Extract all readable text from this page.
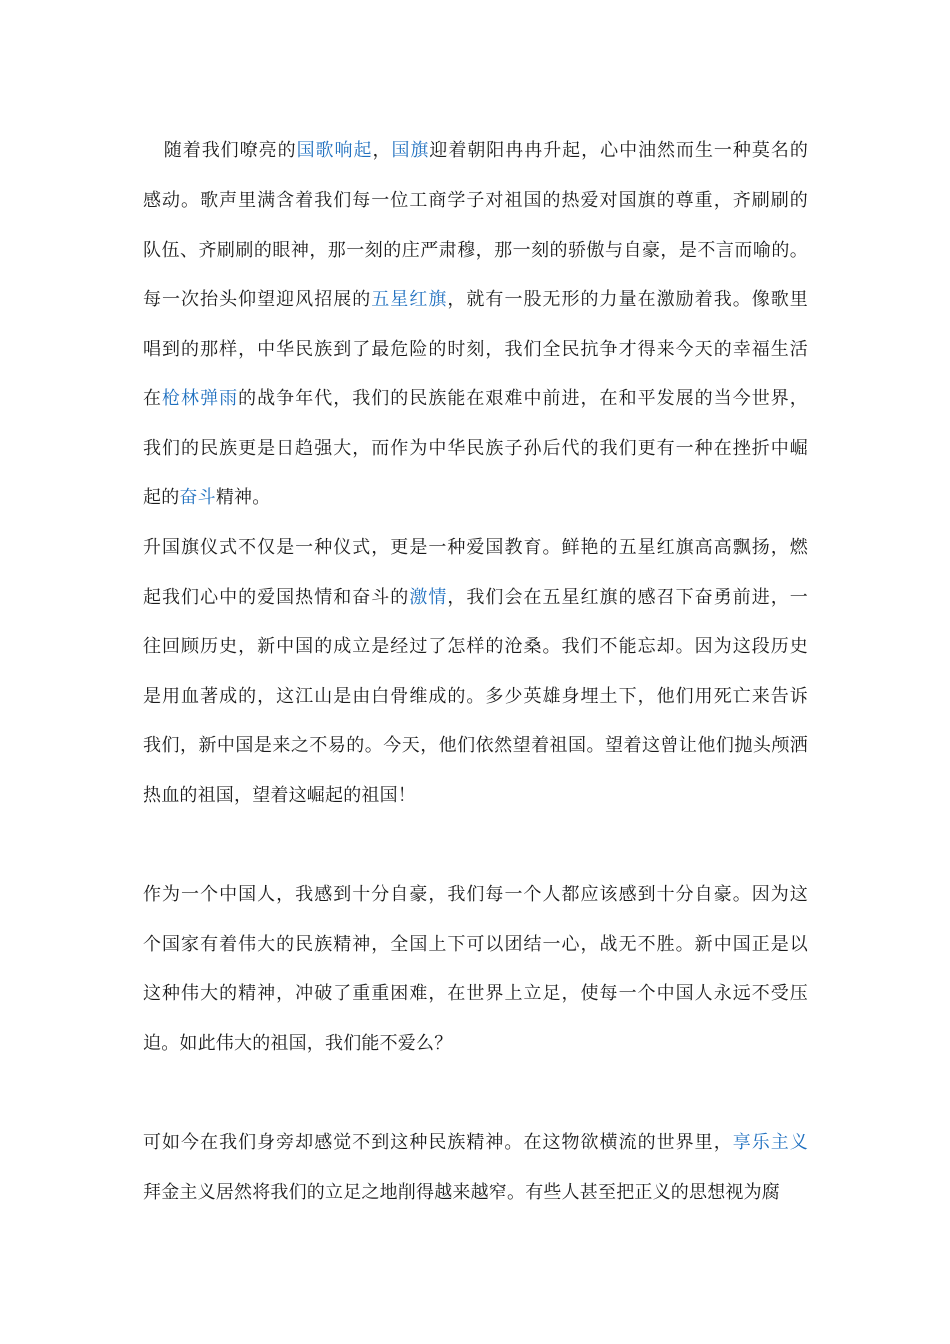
随着我们嘹亮的国歌响起，国旗迎着朝阳冉冉升起，心中油然而生一种莫名的
感动。歌声里满含着我们每一位工商学子对祖国的热爱对国旗的尊重，齐刷刷的
队伍、齐刷刷的眼神，那一刻的庄严肃穆，那一刻的骄傲与自豪，是不言而喻的。
每一次抬头仰望迎风招展的五星红旗，就有一股无形的力量在激励着我。像歌里
唱到的那样，中华民族到了最危险的时刻，我们全民抗争才得来今天的幸福生活
在枪林弹雨的战争年代，我们的民族能在艰难中前进，在和平发展的当今世界，
我们的民族更是日趋强大，而作为中华民族子孙后代的我们更有一种在挫折中崛
起的奋斗精神。
升国旗仪式不仅是一种仪式，更是一种爱国教育。鲜艳的五星红旗高高飘扬，燃
起我们心中的爱国热情和奋斗的激情，我们会在五星红旗的感召下奋勇前进，一
往回顾历史，新中国的成立是经过了怎样的沧桑。我们不能忘却。因为这段历史
是用血著成的，这江山是由白骨维成的。多少英雄身埋土下，他们用死亡来告诉
我们，新中国是来之不易的。今天，他们依然望着祖国。望着这曾让他们抛头颅洒
热血的祖国，望着这崛起的祖国！
作为一个中国人，我感到十分自豪，我们每一个人都应该感到十分自豪。因为这
个国家有着伟大的民族精神，全国上下可以团结一心，战无不胜。新中国正是以
这种伟大的精神，冲破了重重困难，在世界上立足，使每一个中国人永远不受压
迫。如此伟大的祖国，我们能不爱么？
可如今在我们身旁却感觉不到这种民族精神。在这物欲横流的世界里，享乐主义
拜金主义居然将我们的立足之地削得越来越窄。有些人甚至把正义的思想视为腐
